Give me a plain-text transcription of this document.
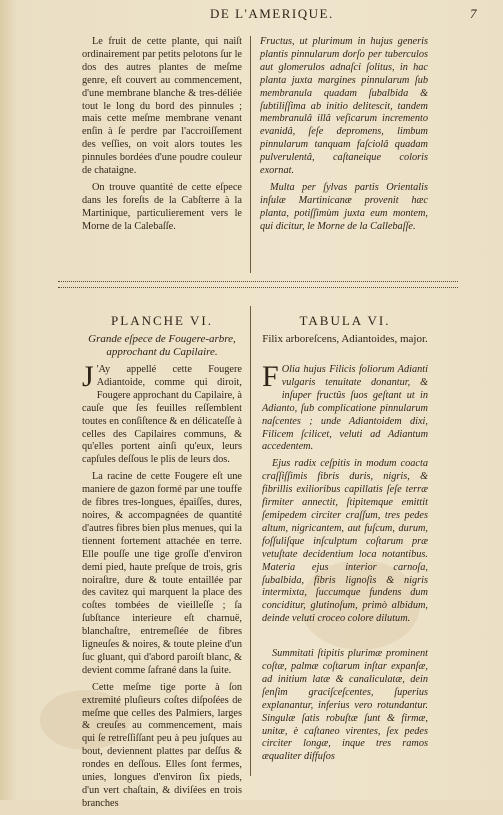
DE L'AMERIQUE.	7

Le fruit de cette plante, qui naiſt ordinairement par petits pelotons ſur le dos des autres plantes de meſme genre, eſt couvert au commencement, d'une membrane blanche & tres-déliée tout le long du bord des pinnules ; mais cette meſme membrane venant enſin à ſe perdre par l'accroiſſement des veſſies, on voit alors toutes les pinnules bordées d'une poudre couleur de chataigne.

On trouve quantité de cette eſpece dans les foreſts de la Cabſterre à la Martinique, particulierement vers le Morne de la Calebaſſe.

Fructus, ut plurimum in hujus generis plantis pinnularum dorſo per tuberculos aut glomerulos adnaſci ſolitus, in hac planta juxta margines pinnularum ſub membranula quadam ſubalbida & ſubtiliſſima ab initio delitescit, tandem membranulâ illâ veſicarum incremento evanidâ, ſeſe depromens, limbum pinnularum tanquam faſciolâ quadam pulverulentâ, caſtaneique coloris exornat.

Multa per ſylvas partis Orientalis inſulæ Martinicanæ provenit hæc planta, potiſſimùm juxta eum montem, qui dicitur, le Morne de la Callebaſſe.

PLANCHE VI.
Grande eſpece de Fougere-arbre, approchant du Capilaire.
TABULA VI.
Filix arboreſcens, Adiantoides, major.

J 'Ay appellé cette Fougere Adiantoide, comme qui diroit, Fougere approchant du Capilaire, à cauſe que ſes feuilles reſſemblent toutes en conſiſtence & en délicateſſe à celles des Capilaires communs, & qu'elles portent ainſi qu'eux, leurs capſules deſſous le plis de leurs dos.

La racine de cette Fougere eſt une maniere de gazon formé par une touffe de fibres tres-longues, épaiſſes, dures, noires, & accompagnées de quantité d'autres fibres bien plus menues, qui la tiennent fortement attachée en terre. Elle pouſſe une tige groſſe d'environ demi pied, haute preſque de trois, gris noiraſtre, dure & toute entaillée par des cavitez qui marquent la place des coſtes tombées de vieilleſſe ; ſa ſubſtance interieure eſt charnuë, blanchaſtre, entremeſlée de fibres ligneuſes & noires, & toute pleine d'un ſuc gluant, qui d'abord paroiſt blanc, & devient comme ſafrané dans la ſuite.

Cette meſme tige porte à ſon extremité pluſieurs coſtes diſpoſées de meſme que celles des Palmiers, larges & creuſes au commencement, mais qui ſe retreſſiſſant peu à peu juſques au bout, deviennent plattes par deſſus & rondes en deſſous. Elles ſont fermes, unies, longues d'environ ſix pieds, d'un vert chaſtain, & diviſées en trois branches

F Olia hujus Filicis foliorum Adianti vulgaris tenuitate donantur, & inſuper fructûs ſuos geſtant ut in Adianto, ſub complicatione pinnularum naſcentes ; unde Adiantoidem dixi, Filicem ſcilicet, veluti ad Adiantum accedentem.

Ejus radix ceſpitis in modum coacta craſſiſſimis fibris duris, nigris, & fibrillis exilioribus capillatis ſeſe terræ firmiter annectit, ſtipitemque emittit ſemipedem circiter craſſum, tres pedes altum, nigricantem, aut fuſcum, durum, foſſuliſque inſculptum coſtarum præ vetuſtate decidentium loca notantibus. Materia ejus interior carnoſa, ſubalbida, fibris lignoſis & nigris intermixta, ſuccumque fundens dum conciditur, glutinoſum, primò albidum, deinde veluti croceo colore dilutum.

Summitati ſtipitis plurimæ prominent coſtæ, palmæ coſtarum inſtar expanſæ, ad initium latæ & canaliculatæ, dein ſenſim graciſceſcentes, ſuperius explanantur, inferius vero rotundantur. Singulæ ſatis robuſtæ ſunt & firmæ, unitæ, è caſtaneo virentes, ſex pedes circiter longæ, inque tres ramos æqualiter diffuſos
